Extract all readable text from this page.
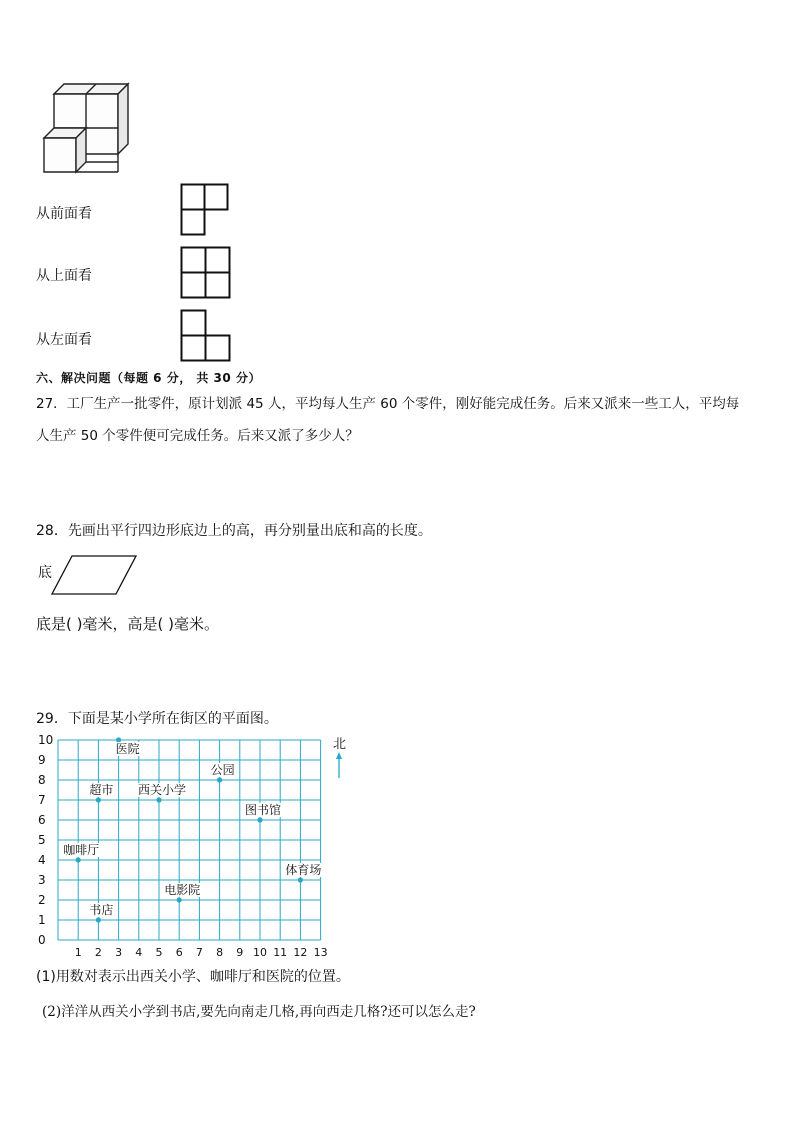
从前面看
从上面看
从左面看
六、解决问题（每题 6 分， 共 30 分）
27．工厂生产一批零件，原计划派 45 人，平均每人生产 60 个零件，刚好能完成任务。后来又派来一些工人，平均每
人生产 50 个零件便可完成任务。后来又派了多少人？
28．先画出平行四边形底边上的高，再分别量出底和高的长度。
底
底是( )毫米，高是( )毫米。
29．下面是某小学所在街区的平面图。
0
1
2
3
4
5
6
7
8
9
10
1 2 3 4 5 6 7 8 9 10 11 12 13
医院
公园
超市 西关小学
图书馆
咖啡厅
体育场
电影院
书店
北
(1)用数对表示出西关小学、咖啡厅和医院的位置。
(2)洋洋从西关小学到书店,要先向南走几格,再向西走几格?还可以怎么走?
